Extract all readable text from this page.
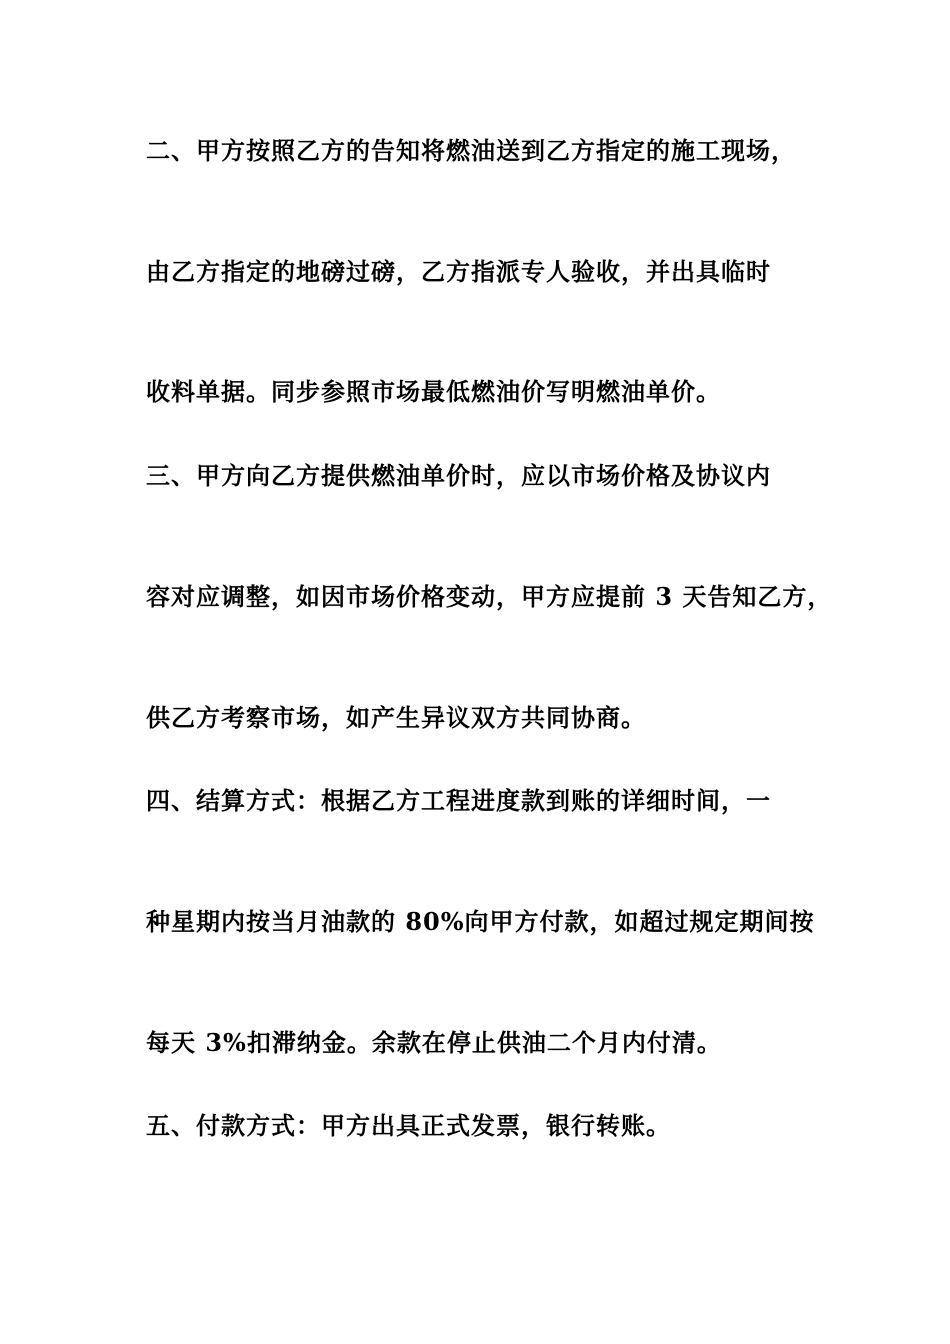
二、甲方按照乙方的告知将燃油送到乙方指定的施工现场，
由乙方指定的地磅过磅，乙方指派专人验收，并出具临时
收料单据。同步参照市场最低燃油价写明燃油单价。
三、甲方向乙方提供燃油单价时，应以市场价格及协议内
容对应调整，如因市场价格变动，甲方应提前 3 天告知乙方，
供乙方考察市场，如产生异议双方共同协商。
四、结算方式：根据乙方工程进度款到账的详细时间，一
种星期内按当月油款的 80%向甲方付款，如超过规定期间按
每天 3%扣滞纳金。余款在停止供油二个月内付清。
五、付款方式：甲方出具正式发票，银行转账。
